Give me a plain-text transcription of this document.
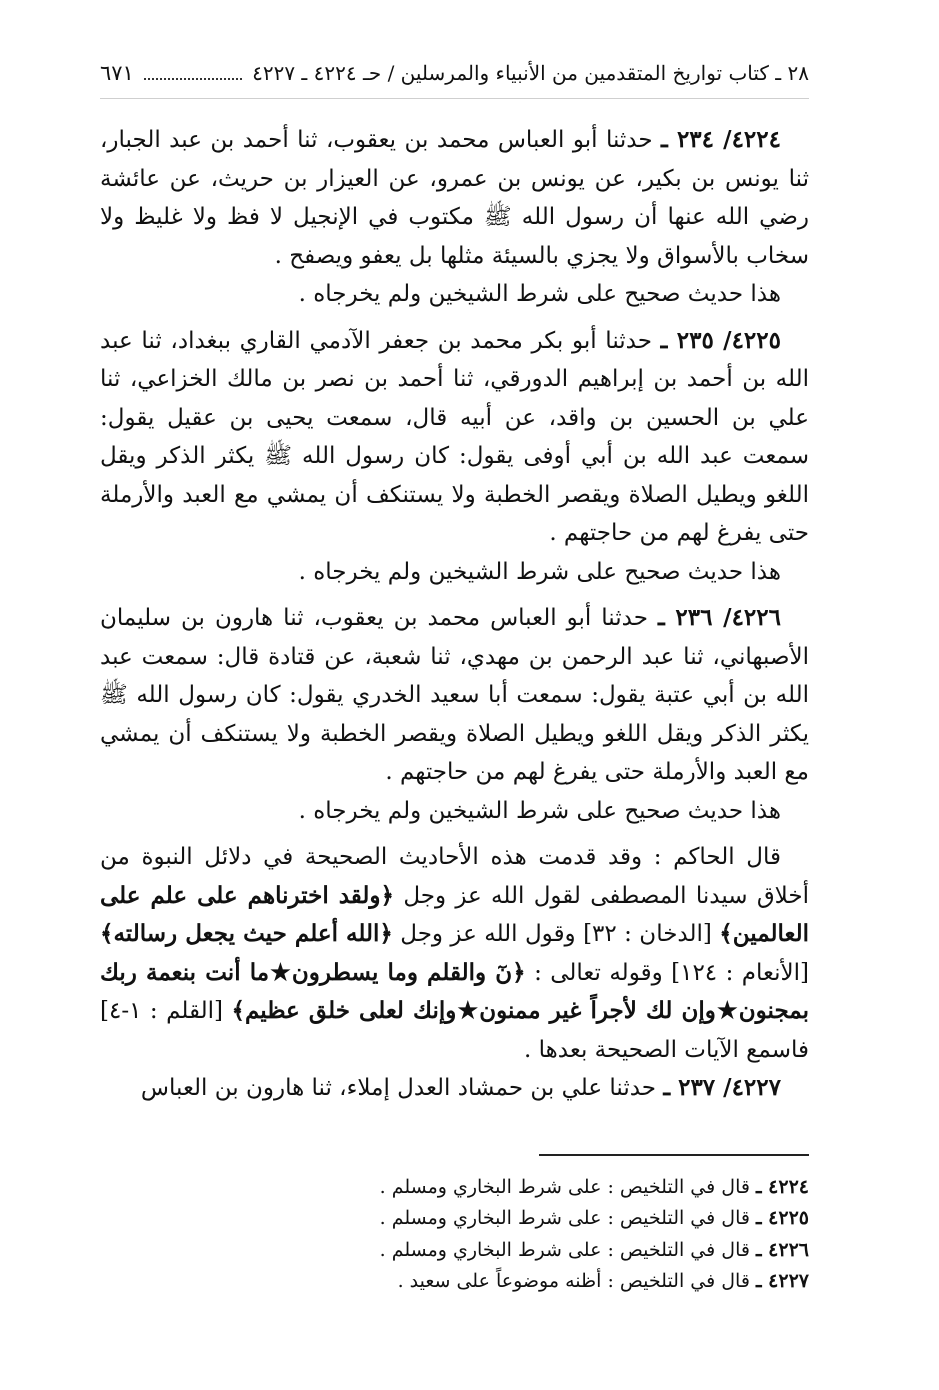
٢٨ ـ كتاب تواريخ المتقدمين من الأنبياء والمرسلين / حـ ٤٢٢٤ ـ ٤٢٢٧
٦٧١

٤٢٢٤/ ٢٣٤ ـ حدثنا أبو العباس محمد بن يعقوب، ثنا أحمد بن عبد الجبار، ثنا يونس بن بكير، عن يونس بن عمرو، عن العيزار بن حريث، عن عائشة رضي الله عنها أن رسول الله ﷺ مكتوب في الإنجيل لا فظ ولا غليظ ولا سخاب بالأسواق ولا يجزي بالسيئة مثلها بل يعفو ويصفح .

هذا حديث صحيح على شرط الشيخين ولم يخرجاه .

٤٢٢٥/ ٢٣٥ ـ حدثنا أبو بكر محمد بن جعفر الآدمي القاري ببغداد، ثنا عبد الله بن أحمد بن إبراهيم الدورقي، ثنا أحمد بن نصر بن مالك الخزاعي، ثنا علي بن الحسين بن واقد، عن أبيه قال، سمعت يحيى بن عقيل يقول: سمعت عبد الله بن أبي أوفى يقول: كان رسول الله ﷺ يكثر الذكر ويقل اللغو ويطيل الصلاة ويقصر الخطبة ولا يستنكف أن يمشي مع العبد والأرملة حتى يفرغ لهم من حاجتهم .

هذا حديث صحيح على شرط الشيخين ولم يخرجاه .

٤٢٢٦/ ٢٣٦ ـ حدثنا أبو العباس محمد بن يعقوب، ثنا هارون بن سليمان الأصبهاني، ثنا عبد الرحمن بن مهدي، ثنا شعبة، عن قتادة قال: سمعت عبد الله بن أبي عتبة يقول: سمعت أبا سعيد الخدري يقول: كان رسول الله ﷺ يكثر الذكر ويقل اللغو ويطيل الصلاة ويقصر الخطبة ولا يستنكف أن يمشي مع العبد والأرملة حتى يفرغ لهم من حاجتهم .

هذا حديث صحيح على شرط الشيخين ولم يخرجاه .

قال الحاكم : وقد قدمت هذه الأحاديث الصحيحة في دلائل النبوة من أخلاق سيدنا المصطفى لقول الله عز وجل ﴿ولقد اخترناهم على علم على العالمين﴾ [الدخان : ٣٢] وقول الله عز وجل ﴿الله أعلم حيث يجعل رسالته﴾ [الأنعام : ١٢٤] وقوله تعالى : ﴿نٓ والقلم وما يسطرون★ما أنت بنعمة ربك بمجنون★وإن لك لأجراً غير ممنون★وإنك لعلى خلق عظيم﴾ [القلم : ١-٤] فاسمع الآيات الصحيحة بعدها .

٤٢٢٧/ ٢٣٧ ـ حدثنا علي بن حمشاد العدل إملاء، ثنا هارون بن العباس

٤٢٢٤ ـ قال في التلخيص : على شرط البخاري ومسلم .

٤٢٢٥ ـ قال في التلخيص : على شرط البخاري ومسلم .

٤٢٢٦ ـ قال في التلخيص : على شرط البخاري ومسلم .

٤٢٢٧ ـ قال في التلخيص : أظنه موضوعاً على سعيد .
